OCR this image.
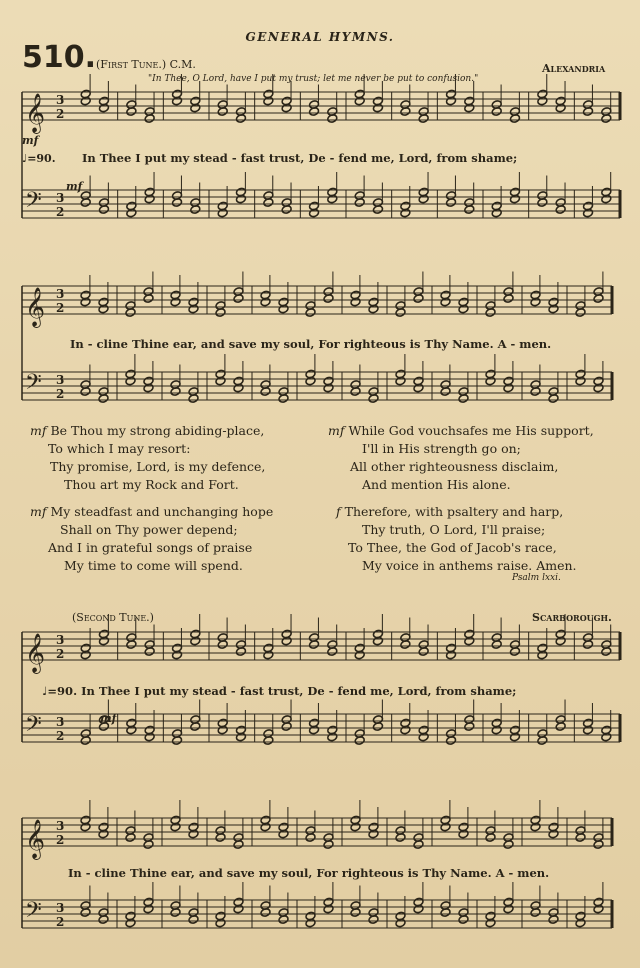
GENERAL HYMNS.
510. (First Tune.) C.M.	Alexandria
"In Thee, O Lord, have I put my trust; let me never be put to confusion."
𝄞 3
2
𝄢 3
2
𝄞 3
2
𝄢 3
2
𝄞 3
2
𝄢 3
2
𝄞 3
2
𝄢 3
2
mf
♩=90. In Thee I put my stead - fast trust, De - fend me, Lord, from shame;
mf
In - cline Thine ear, and save my soul, For righteous is Thy Name. A - men.
mf Be Thou my strong abiding-place,
To which I may resort:
Thy promise, Lord, is my defence,
Thou art my Rock and Fort.
mf While God vouchsafes me His support,
I'll in His strength go on;
All other righteousness disclaim,
And mention His alone.
mf My steadfast and unchanging hope
Shall on Thy power depend;
And I in grateful songs of praise
My time to come will spend.
f Therefore, with psaltery and harp,
Thy truth, O Lord, I'll praise;
To Thee, the God of Jacob's race,
My voice in anthems raise. Amen.
Psalm lxxi.
(Second Tune.)	Scarborough.
♩=90. In Thee I put my stead - fast trust, De - fend me, Lord, from shame;
mf
In - cline Thine ear, and save my soul, For righteous is Thy Name. A - men.
